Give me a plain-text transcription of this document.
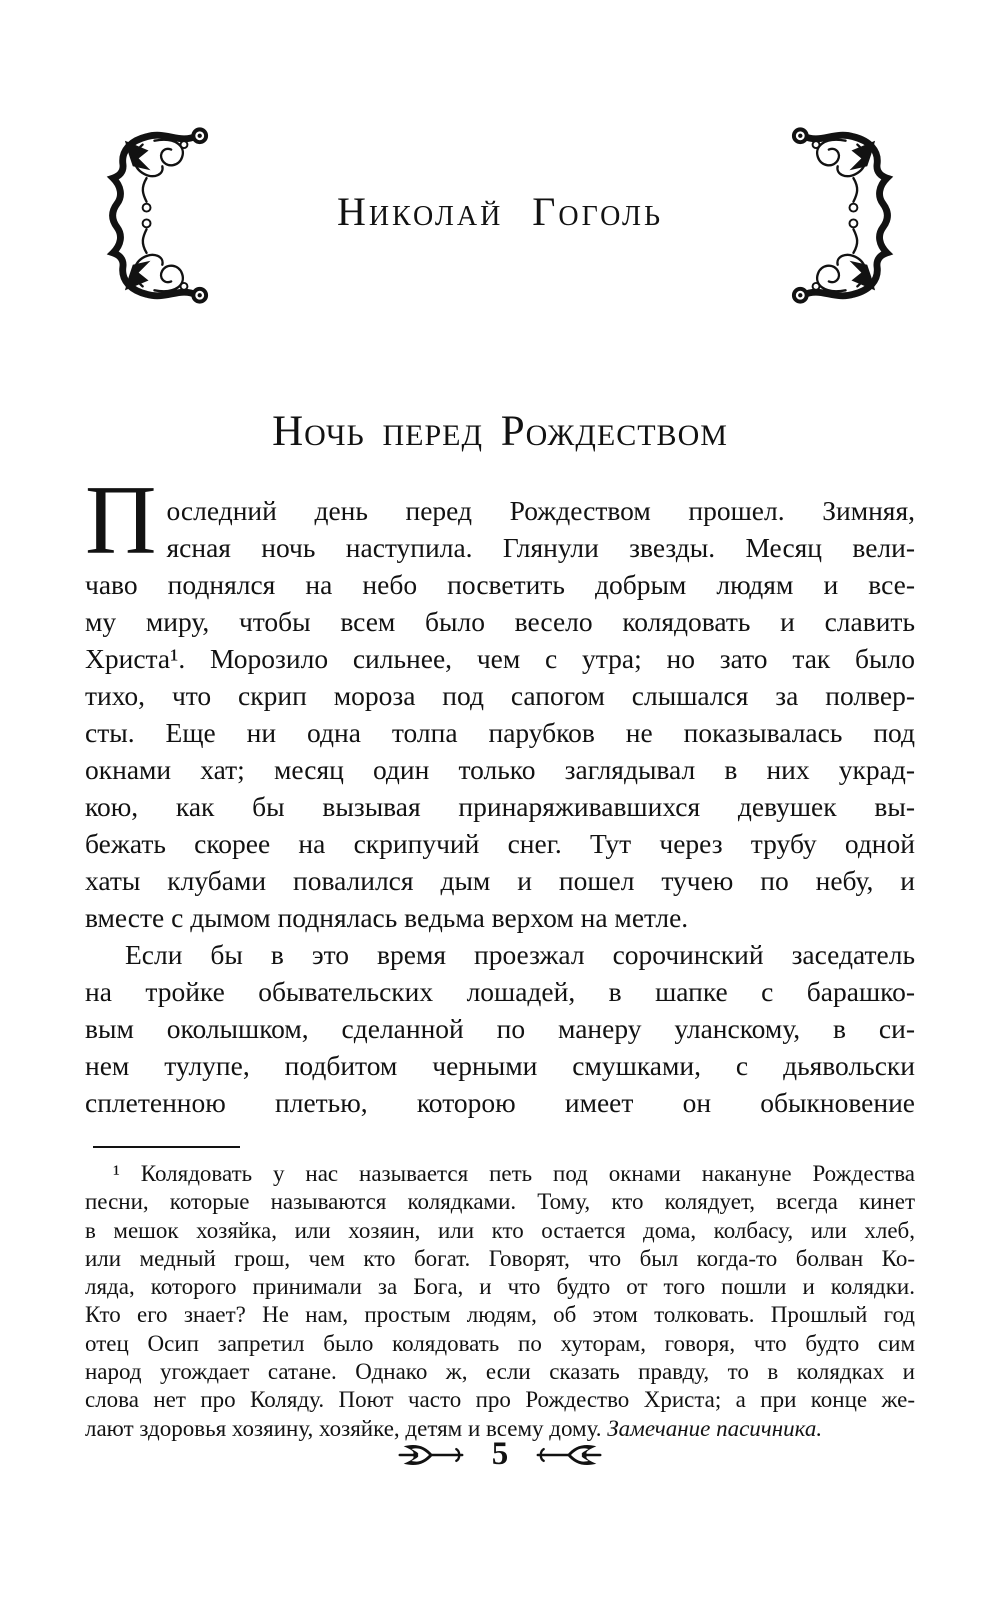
Николай Гоголь
Ночь перед Рождеством
П оследний день перед Рождеством прошел. Зимняя,
ясная ночь наступила. Глянули звезды. Месяц вели-
чаво поднялся на небо посветить добрым людям и все-
му миру, чтобы всем было весело колядовать и славить
Христа¹. Морозило сильнее, чем с утра; но зато так было
тихо, что скрип мороза под сапогом слышался за полвер-
сты. Еще ни одна толпа парубков не показывалась под
окнами хат; месяц один только заглядывал в них украд-
кою, как бы вызывая принаряживавшихся девушек вы-
бежать скорее на скрипучий снег. Тут через трубу одной
хаты клубами повалился дым и пошел тучею по небу, и
вместе с дымом поднялась ведьма верхом на метле.
Если бы в это время проезжал сорочинский заседатель
на тройке обывательских лошадей, в шапке с барашко-
вым околышком, сделанной по манеру уланскому, в си-
нем тулупе, подбитом черными смушками, с дьявольски
сплетенною плетью, которою имеет он обыкновение
¹ Колядовать у нас называется петь под окнами накануне Рождества
песни, которые называются колядками. Тому, кто колядует, всегда кинет
в мешок хозяйка, или хозяин, или кто остается дома, колбасу, или хлеб,
или медный грош, чем кто богат. Говорят, что был когда-то болван Ко-
ляда, которого принимали за Бога, и что будто от того пошли и колядки.
Кто его знает? Не нам, простым людям, об этом толковать. Прошлый год
отец Осип запретил было колядовать по хуторам, говоря, что будто сим
народ угождает сатане. Однако ж, если сказать правду, то в колядках и
слова нет про Коляду. Поют часто про Рождество Христа; а при конце же-
лают здоровья хозяину, хозяйке, детям и всему дому. Замечание пасичника.
5
